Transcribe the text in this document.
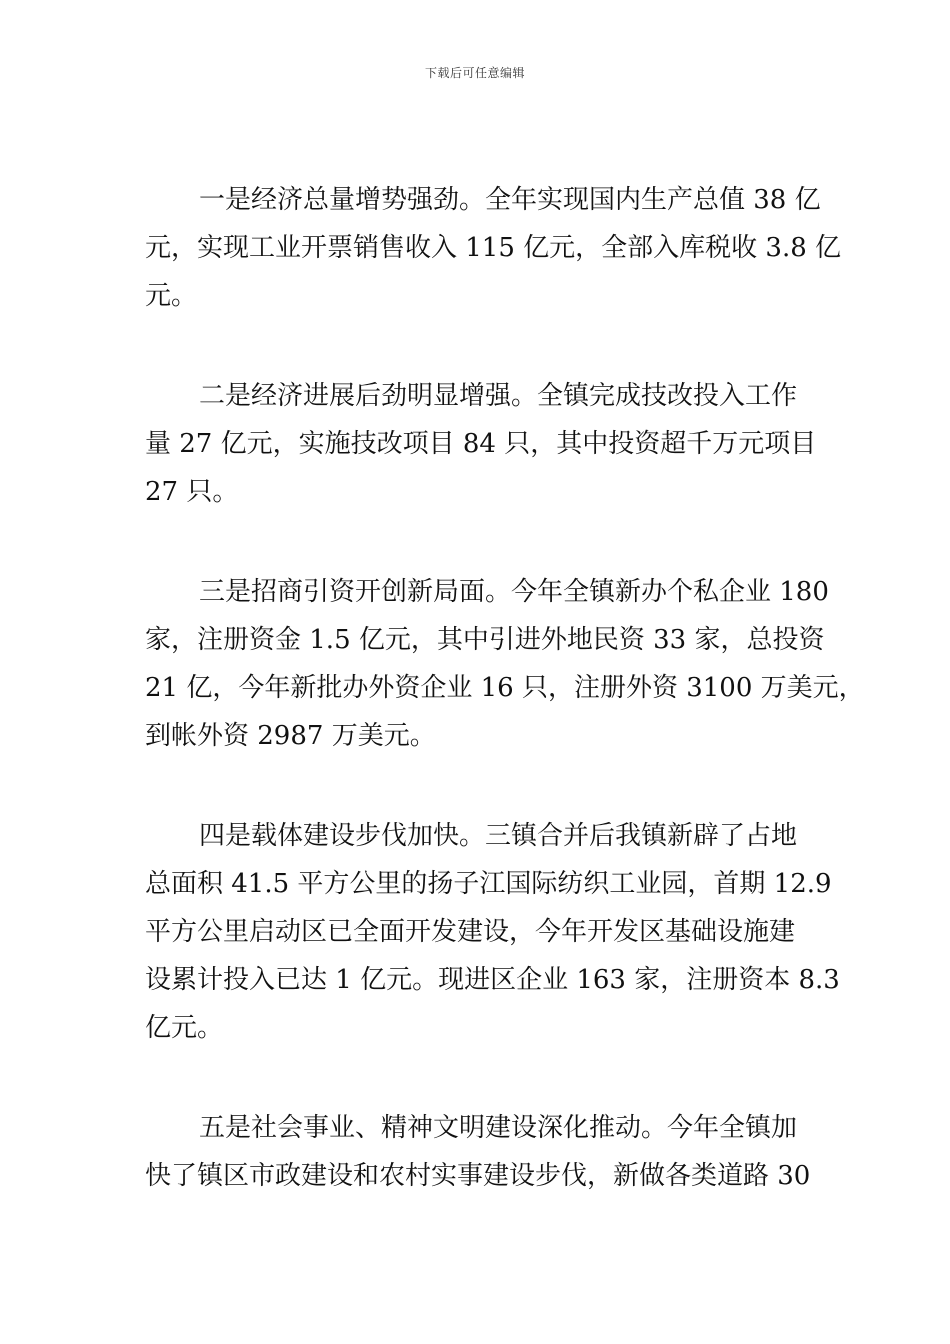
下载后可任意编辑

一是经济总量增势强劲。全年实现国内生产总值 38 亿
元，实现工业开票销售收入 115 亿元，全部入库税收 3.8 亿
元。

二是经济进展后劲明显增强。全镇完成技改投入工作
量 27 亿元，实施技改项目 84 只，其中投资超千万元项目
27 只。

三是招商引资开创新局面。今年全镇新办个私企业 180
家，注册资金 1.5 亿元，其中引进外地民资 33 家，总投资
21 亿，今年新批办外资企业 16 只，注册外资 3100 万美元，
到帐外资 2987 万美元。

四是载体建设步伐加快。三镇合并后我镇新辟了占地
总面积 41.5 平方公里的扬子江国际纺织工业园，首期 12.9
平方公里启动区已全面开发建设，今年开发区基础设施建
设累计投入已达 1 亿元。现进区企业 163 家，注册资本 8.3
亿元。

五是社会事业、精神文明建设深化推动。今年全镇加
快了镇区市政建设和农村实事建设步伐，新做各类道路 30
